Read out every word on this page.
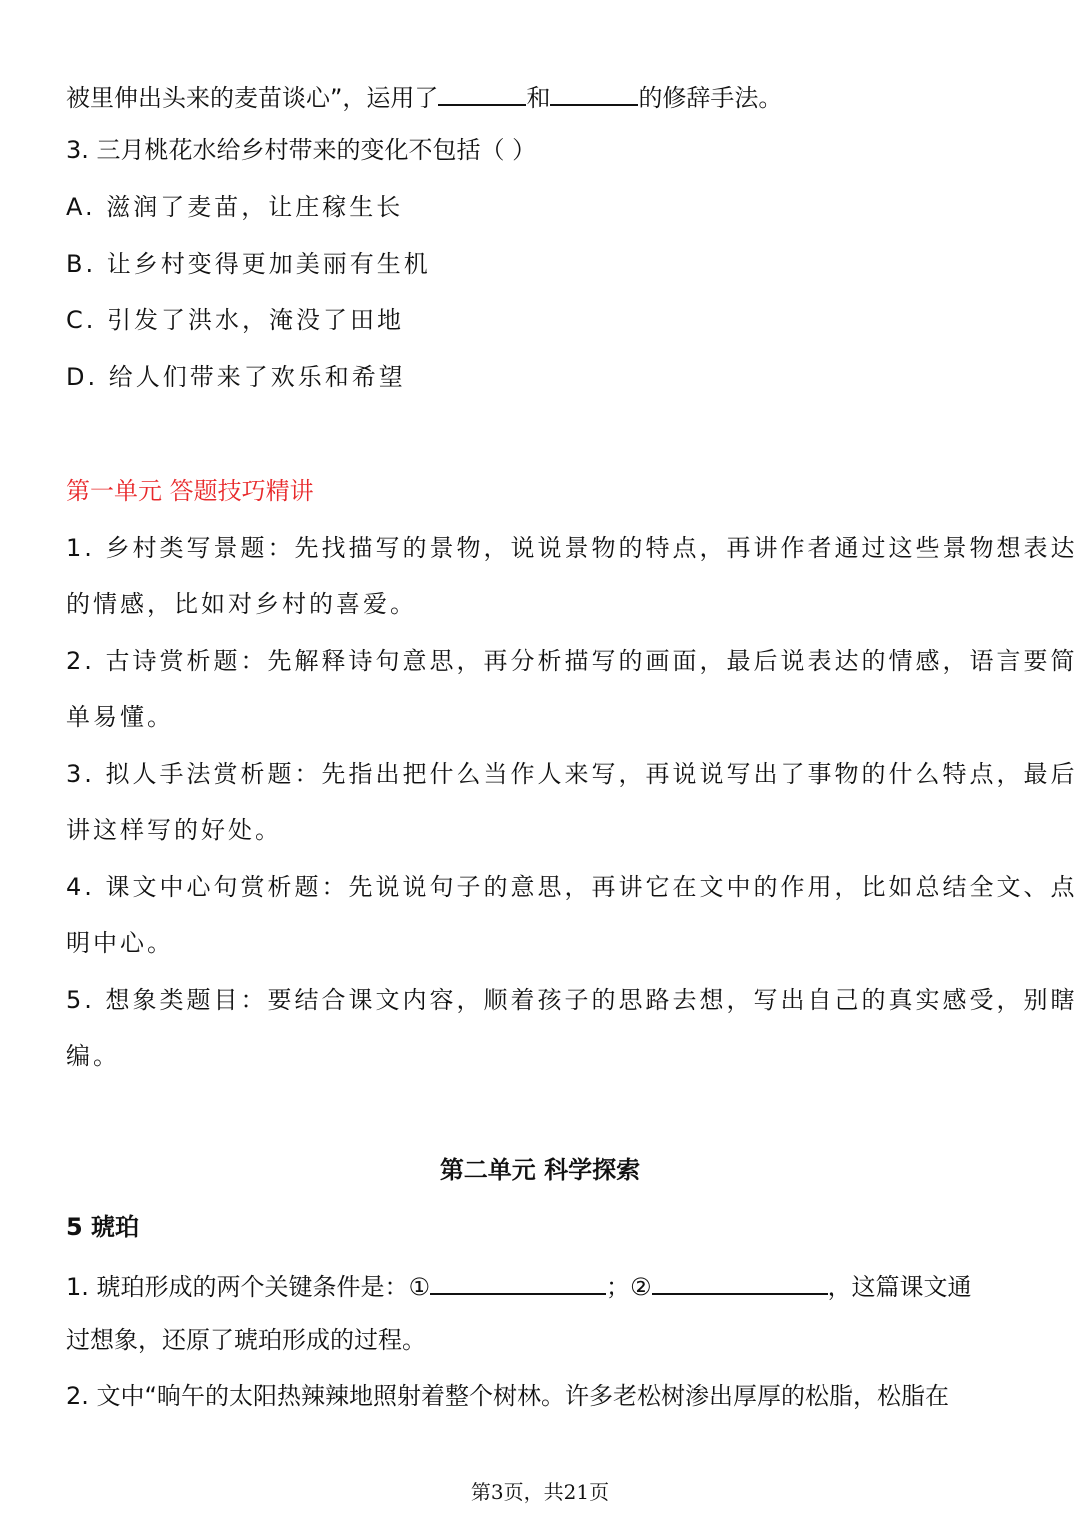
被里伸出头来的麦苗谈心”，运用了	和	的修辞手法。
3. 三月桃花水给乡村带来的变化不包括（ ）
A. 滋润了麦苗，让庄稼生长
B. 让乡村变得更加美丽有生机
C. 引发了洪水，淹没了田地
D. 给人们带来了欢乐和希望
第一单元 答题技巧精讲
1. 乡村类写景题：先找描写的景物，说说景物的特点，再讲作者通过这些景物想表达
的情感，比如对乡村的喜爱。
2. 古诗赏析题：先解释诗句意思，再分析描写的画面，最后说表达的情感，语言要简
单易懂。
3. 拟人手法赏析题：先指出把什么当作人来写，再说说写出了事物的什么特点，最后
讲这样写的好处。
4. 课文中心句赏析题：先说说句子的意思，再讲它在文中的作用，比如总结全文、点
明中心。
5. 想象类题目：要结合课文内容，顺着孩子的思路去想，写出自己的真实感受，别瞎
编。
第二单元 科学探索
5 琥珀
1. 琥珀形成的两个关键条件是：①	；②	，这篇课文通
过想象，还原了琥珀形成的过程。
2. 文中“晌午的太阳热辣辣地照射着整个树林。许多老松树渗出厚厚的松脂，松脂在
第3页，共21页
